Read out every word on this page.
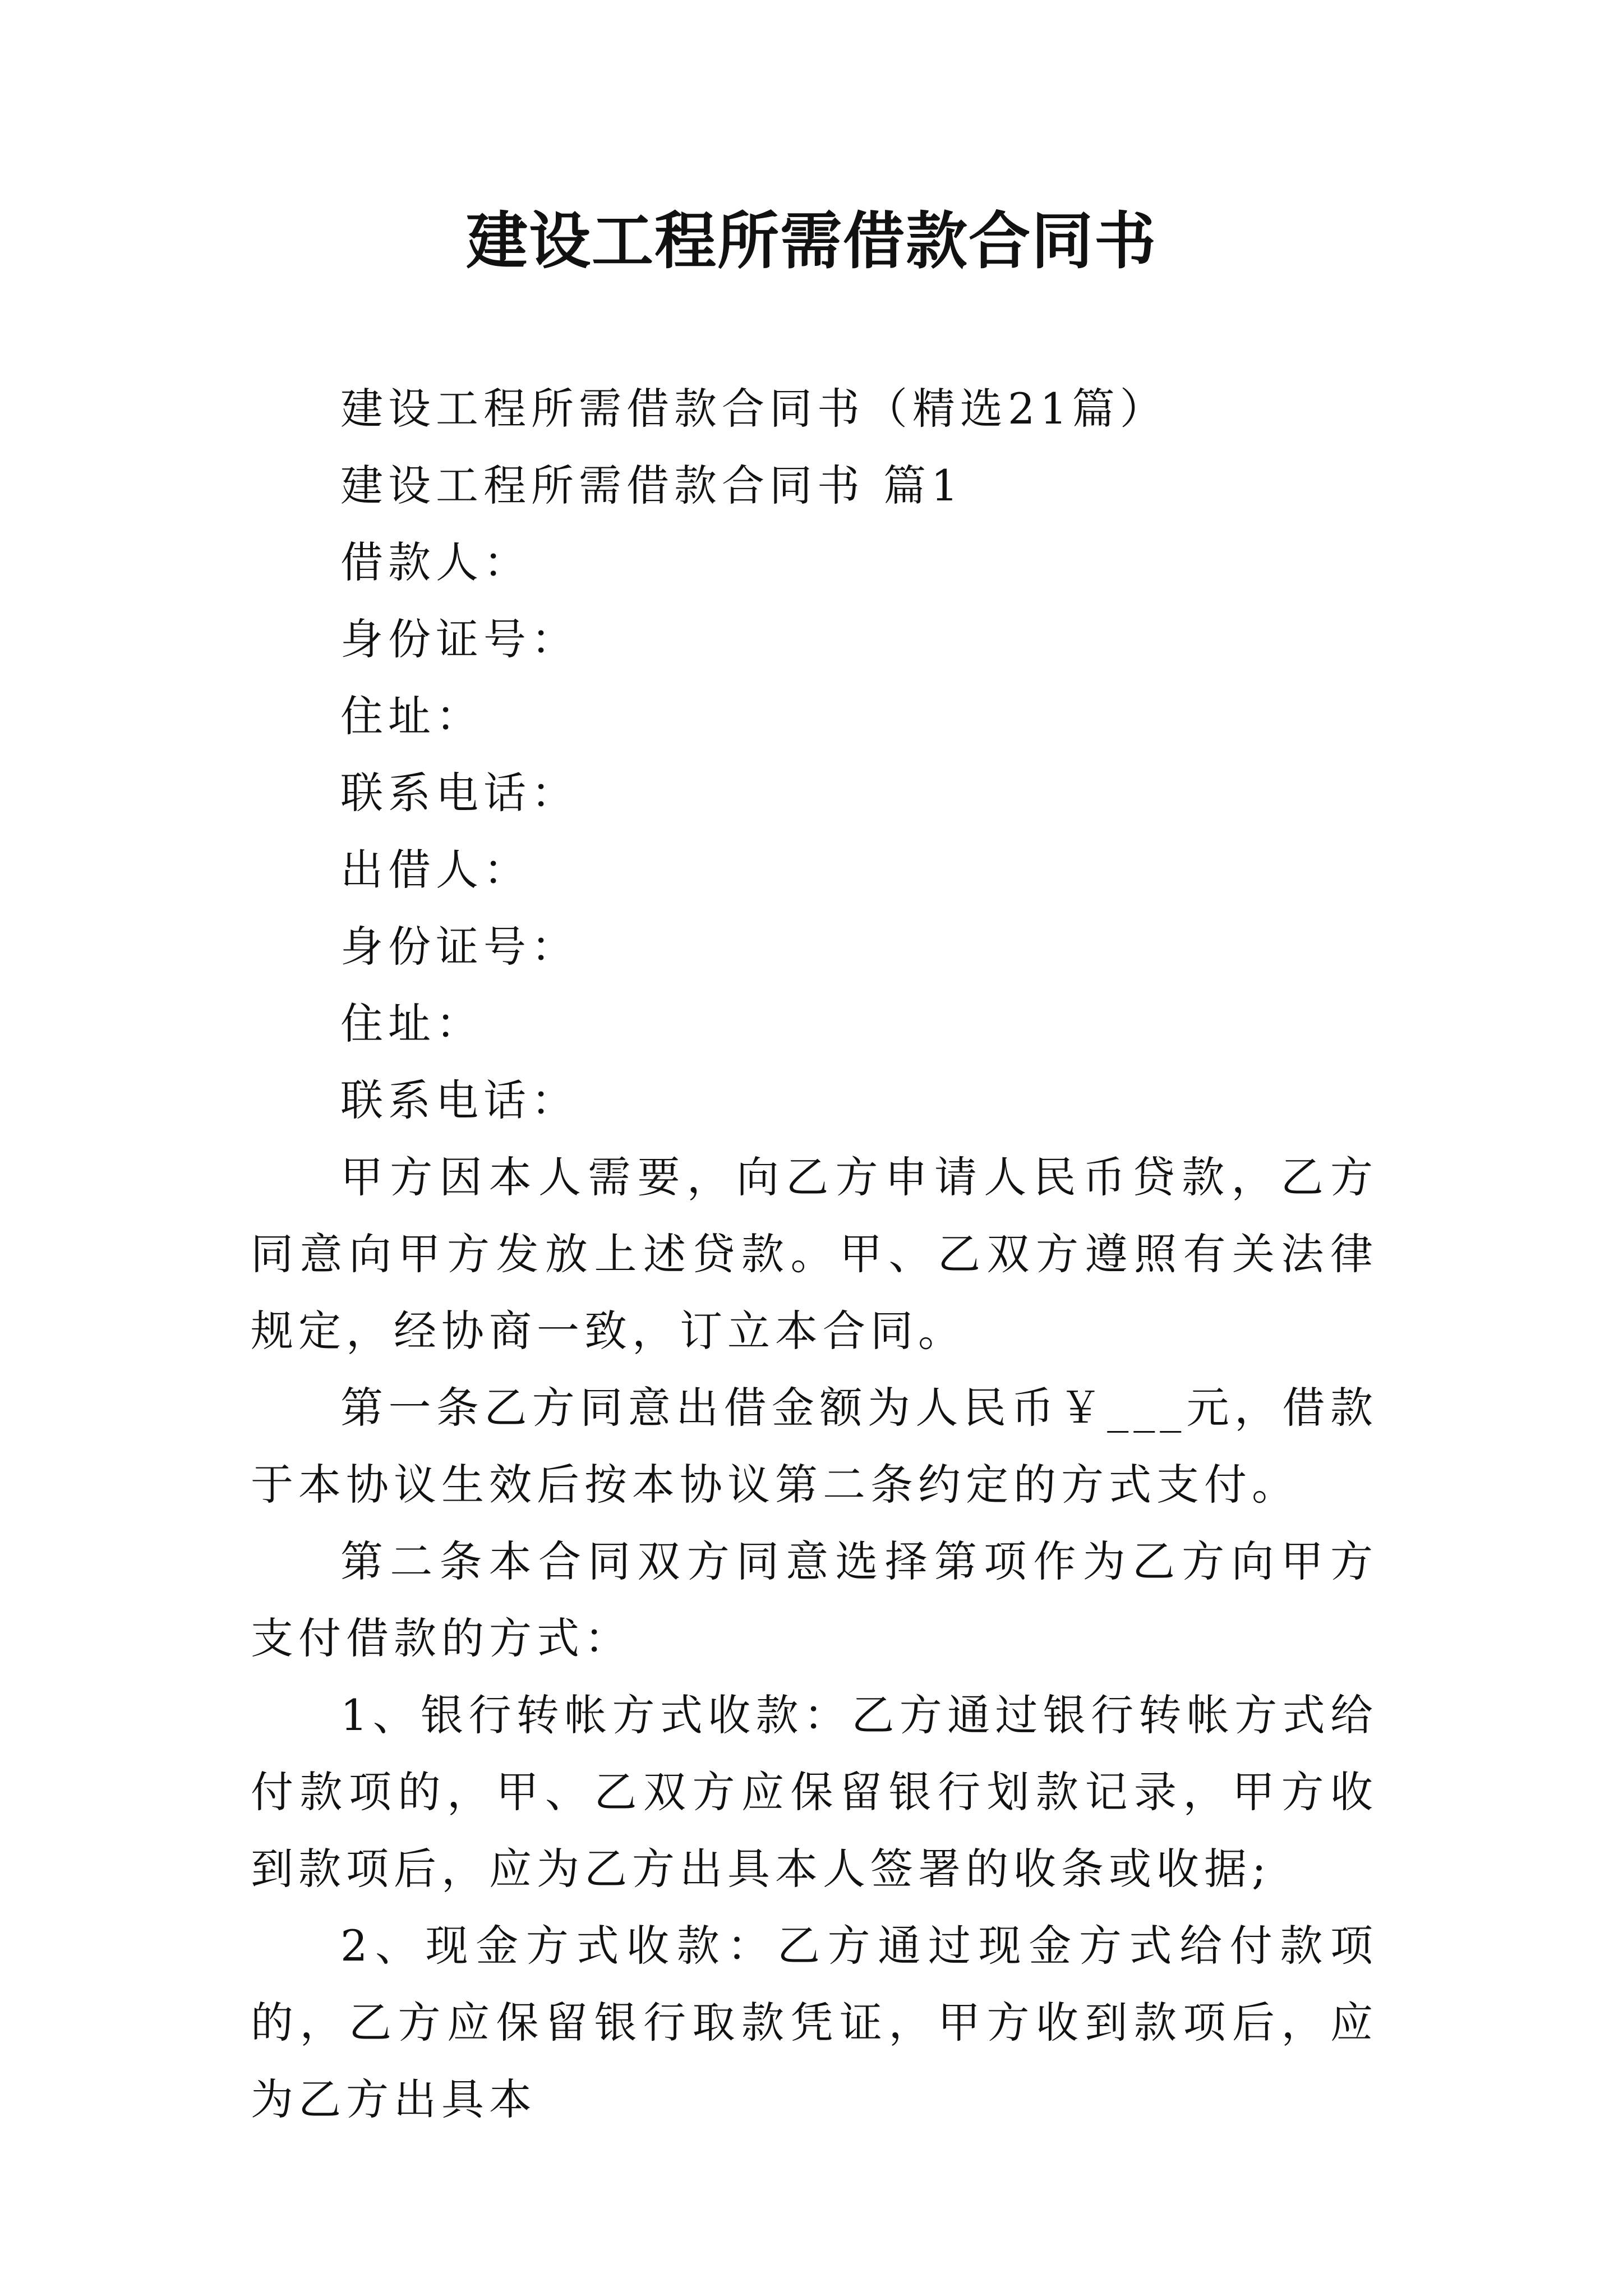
建设工程所需借款合同书

建设工程所需借款合同书（精选21篇）

建设工程所需借款合同书 篇1

借款人：

身份证号：

住址：

联系电话：

出借人：

身份证号：

住址：

联系电话：

甲方因本人需要，向乙方申请人民币贷款，乙方同意向甲方发放上述贷款。甲、乙双方遵照有关法律规定，经协商一致，订立本合同。

第一条乙方同意出借金额为人民币￥___元，借款于本协议生效后按本协议第二条约定的方式支付。

第二条本合同双方同意选择第项作为乙方向甲方支付借款的方式：

1、银行转帐方式收款：乙方通过银行转帐方式给付款项的，甲、乙双方应保留银行划款记录，甲方收到款项后，应为乙方出具本人签署的收条或收据;

2、现金方式收款：乙方通过现金方式给付款项的，乙方应保留银行取款凭证，甲方收到款项后，应为乙方出具本
